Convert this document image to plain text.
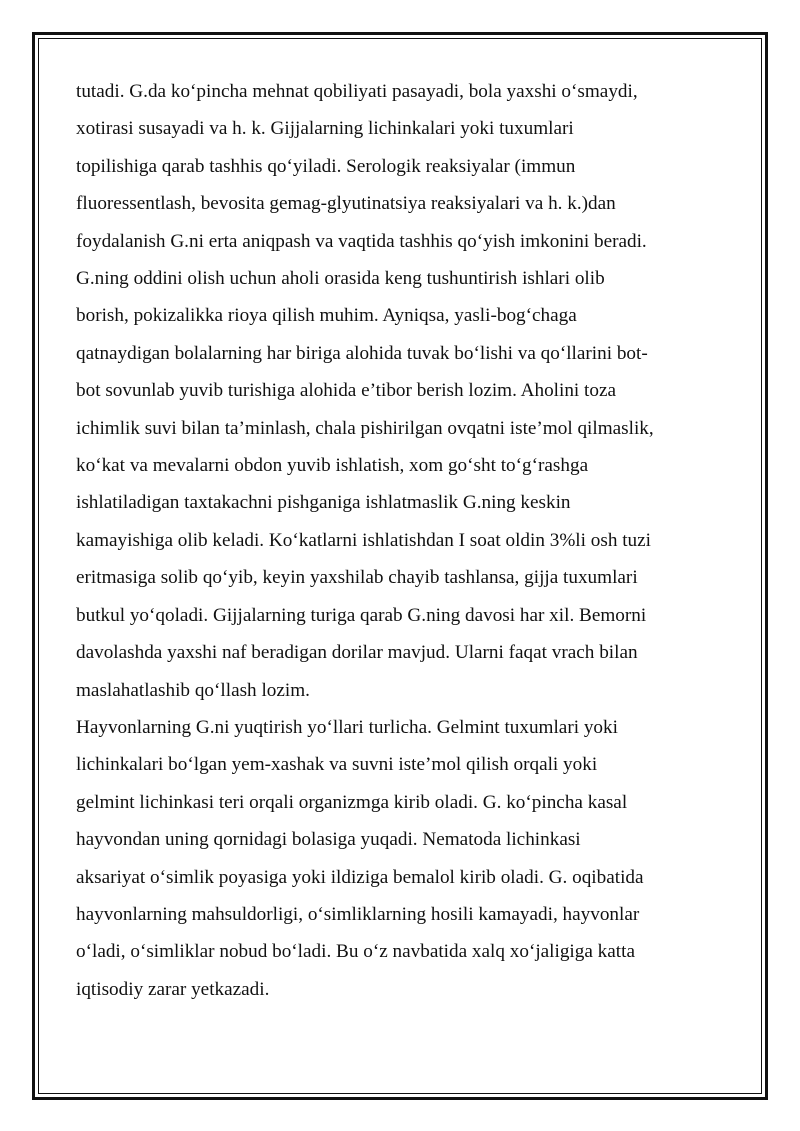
tutadi. G.da ko‘pincha mehnat qobiliyati pasayadi, bola yaxshi o‘smaydi,
xotirasi susayadi va h. k. Gijjalarning lichinkalari yoki tuxumlari
topilishiga qarab tashhis qo‘yiladi. Serologik reaksiyalar (immun
fluoressentlash, bevosita gemag-glyutinatsiya reaksiyalari va h. k.)dan
foydalanish G.ni erta aniqpash va vaqtida tashhis qo‘yish imkonini beradi.
G.ning oddini olish uchun aholi orasida keng tushuntirish ishlari olib
borish, pokizalikka rioya qilish muhim. Ayniqsa, yasli-bog‘chaga
qatnaydigan bolalarning har biriga alohida tuvak bo‘lishi va qo‘llarini bot-
bot sovunlab yuvib turishiga alohida e’tibor berish lozim. Aholini toza
ichimlik suvi bilan ta’minlash, chala pishirilgan ovqatni iste’mol qilmaslik,
ko‘kat va mevalarni obdon yuvib ishlatish, xom go‘sht to‘g‘rashga
ishlatiladigan taxtakachni pishganiga ishlatmaslik G.ning keskin
kamayishiga olib keladi. Ko‘katlarni ishlatishdan I soat oldin 3%li osh tuzi
eritmasiga solib qo‘yib, keyin yaxshilab chayib tashlansa, gijja tuxumlari
butkul yo‘qoladi. Gijjalarning turiga qarab G.ning davosi har xil. Bemorni
davolashda yaxshi naf beradigan dorilar mavjud. Ularni faqat vrach bilan
maslahatlashib qo‘llash lozim.
Hayvonlarning G.ni yuqtirish yo‘llari turlicha. Gelmint tuxumlari yoki
lichinkalari bo‘lgan yem-xashak va suvni iste’mol qilish orqali yoki
gelmint lichinkasi teri orqali organizmga kirib oladi. G. ko‘pincha kasal
hayvondan uning qornidagi bolasiga yuqadi. Nematoda lichinkasi
aksariyat o‘simlik poyasiga yoki ildiziga bemalol kirib oladi. G. oqibatida
hayvonlarning mahsuldorligi, o‘simliklarning hosili kamayadi, hayvonlar
o‘ladi, o‘simliklar nobud bo‘ladi. Bu o‘z navbatida xalq xo‘jaligiga katta
iqtisodiy zarar yetkazadi.
